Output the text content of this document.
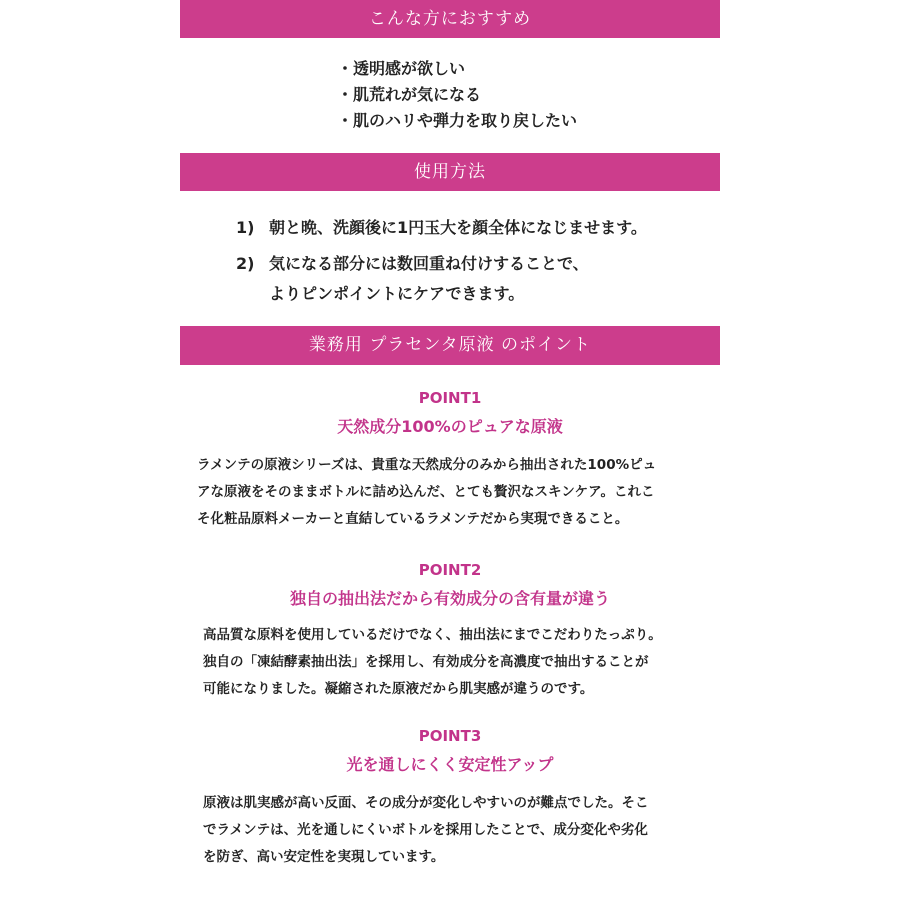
こんな方におすすめ
・ 透明感が欲しい
・ 肌荒れが気になる
・ 肌のハリや弾力を取り戻したい
使用方法
1) 朝と晩、洗顔後に1円玉大を顔全体になじませます。
2) 気になる部分には数回重ね付けすることで、
よりピンポイントにケアできます。
業務用 プラセンタ原液 のポイント
POINT1
天然成分100%のピュアな原液

ラメンテの原液シリーズは、貴重な天然成分のみから抽出された100%ピュ
アな原液をそのままボトルに詰め込んだ、とても贅沢なスキンケア。これこ
そ化粧品原料メーカーと直結しているラメンテだから実現できること。

POINT2
独自の抽出法だから有効成分の含有量が違う

高品質な原料を使用しているだけでなく、抽出法にまでこだわりたっぷり。
独自の「凍結酵素抽出法」を採用し、有効成分を高濃度で抽出することが
可能になりました。凝縮された原液だから肌実感が違うのです。

POINT3
光を通しにくく安定性アップ

原液は肌実感が高い反面、その成分が変化しやすいのが難点でした。そこ
でラメンテは、光を通しにくいボトルを採用したことで、成分変化や劣化
を防ぎ、高い安定性を実現しています。
